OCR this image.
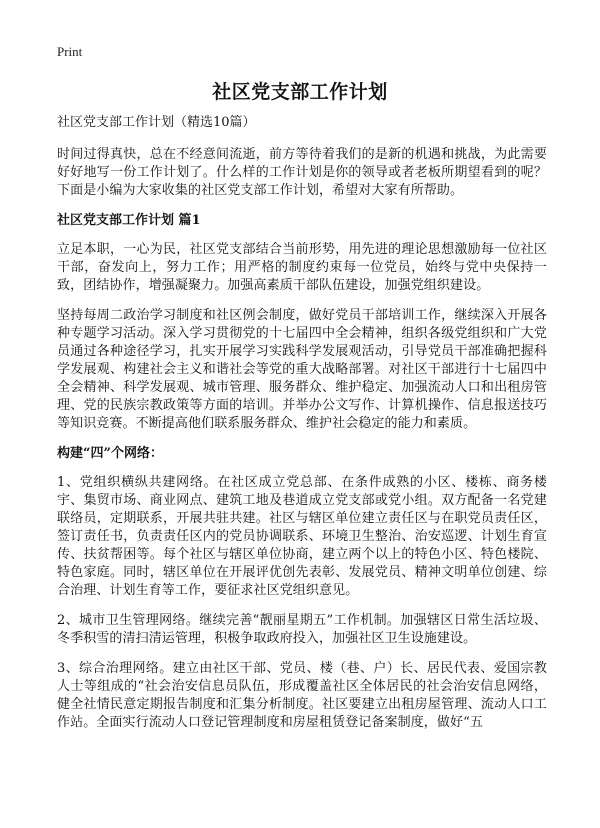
Print
社区党支部工作计划

社区党支部工作计划（精选10篇）

时间过得真快，总在不经意间流逝，前方等待着我们的是新的机遇和挑战，为此需要好好地写一份工作计划了。什么样的工作计划是你的领导或者老板所期望看到的呢？下面是小编为大家收集的社区党支部工作计划，希望对大家有所帮助。

社区党支部工作计划 篇1

立足本职，一心为民，社区党支部结合当前形势，用先进的理论思想激励每一位社区干部，奋发向上，努力工作；用严格的制度约束每一位党员，始终与党中央保持一致，团结协作，增强凝聚力。加强高素质干部队伍建设，加强党组织建设。

坚持每周二政治学习制度和社区例会制度，做好党员干部培训工作，继续深入开展各种专题学习活动。深入学习贯彻党的十七届四中全会精神，组织各级党组织和广大党员通过各种途径学习，扎实开展学习实践科学发展观活动，引导党员干部准确把握科学发展观、构建社会主义和谐社会等党的重大战略部署。对社区干部进行十七届四中全会精神、科学发展观、城市管理、服务群众、维护稳定、加强流动人口和出租房管理、党的民族宗教政策等方面的培训。并举办公文写作、计算机操作、信息报送技巧等知识竞赛。不断提高他们联系服务群众、维护社会稳定的能力和素质。

构建“四”个网络：

1、党组织横纵共建网络。在社区成立党总部、在条件成熟的小区、楼栋、商务楼宇、集贸市场、商业网点、建筑工地及巷道成立党支部或党小组。双方配备一名党建联络员，定期联系，开展共驻共建。社区与辖区单位建立责任区与在职党员责任区，签订责任书，负责责任区内的党员协调联系、环境卫生整治、治安巡逻、计划生育宣传、扶贫帮困等。每个社区与辖区单位协商，建立两个以上的特色小区、特色楼院、特色家庭。同时，辖区单位在开展评优创先表彰、发展党员、精神文明单位创建、综合治理、计划生育等工作，要征求社区党组织意见。

2、城市卫生管理网络。继续完善“靓丽星期五”工作机制。加强辖区日常生活垃圾、冬季积雪的清扫清运管理，积极争取政府投入，加强社区卫生设施建设。

3、综合治理网络。建立由社区干部、党员、楼（巷、户）长、居民代表、爱国宗教人士等组成的“社会治安信息员队伍，形成覆盖社区全体居民的社会治安信息网络，健全社情民意定期报告制度和汇集分析制度。社区要建立出租房屋管理、流动人口工作站。全面实行流动人口登记管理制度和房屋租赁登记备案制度，做好“五
